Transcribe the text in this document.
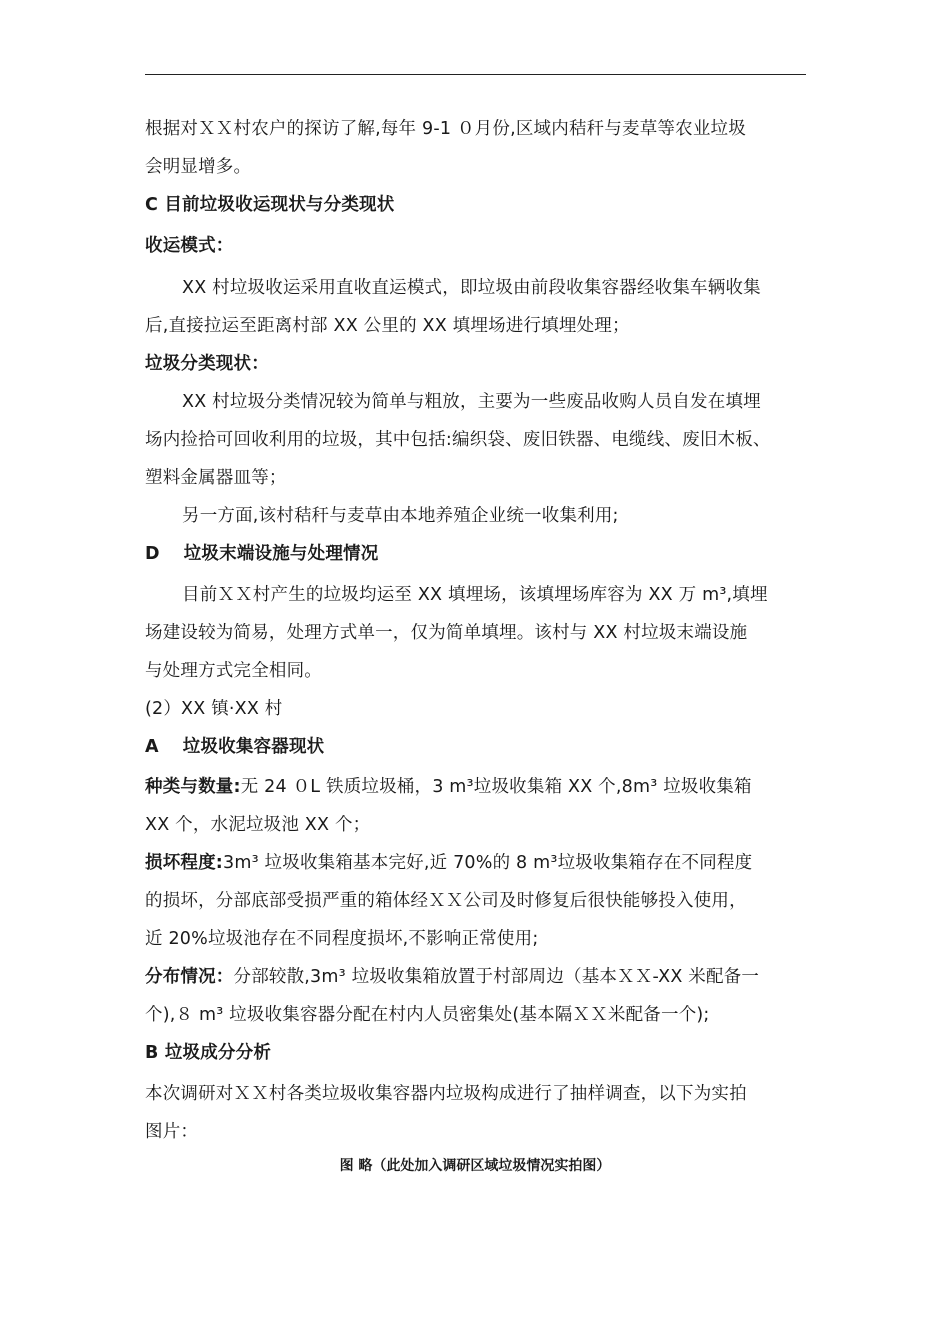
根据对ＸＸ村农户的探访了解,每年 9-1 ０月份,区域内秸秆与麦草等农业垃圾
会明显增多。
C 目前垃圾收运现状与分类现状
收运模式：
XX 村垃圾收运采用直收直运模式，即垃圾由前段收集容器经收集车辆收集
后,直接拉运至距离村部 XX 公里的 XX 填埋场进行填埋处理；
垃圾分类现状：
XX 村垃圾分类情况较为简单与粗放，主要为一些废品收购人员自发在填埋
场内捡拾可回收利用的垃圾，其中包括:编织袋、废旧铁器、电缆线、废旧木板、
塑料金属器皿等；
另一方面,该村秸秆与麦草由本地养殖企业统一收集利用;
D 垃圾末端设施与处理情况
目前ＸＸ村产生的垃圾均运至 XX 填埋场，该填埋场库容为 XX 万 m³,填埋
场建设较为简易，处理方式单一，仅为简单填埋。该村与 XX 村垃圾末端设施
与处理方式完全相同。
(2）XX 镇·XX 村
A 垃圾收集容器现状
种类与数量:无 24 ０L 铁质垃圾桶，3 m³垃圾收集箱 XX 个,8m³ 垃圾收集箱
XX 个，水泥垃圾池 XX 个；
损坏程度:3m³ 垃圾收集箱基本完好,近 70%的 8 m³垃圾收集箱存在不同程度
的损坏，分部底部受损严重的箱体经ＸＸ公司及时修复后很快能够投入使用，
近 20%垃圾池存在不同程度损坏,不影响正常使用;
分布情况：分部较散,3m³ 垃圾收集箱放置于村部周边（基本ＸＸ-XX 米配备一
个),８ m³ 垃圾收集容器分配在村内人员密集处(基本隔ＸＸ米配备一个);
B 垃圾成分分析
本次调研对ＸＸ村各类垃圾收集容器内垃圾构成进行了抽样调查，以下为实拍
图片：
图 略（此处加入调研区域垃圾情况实拍图）
